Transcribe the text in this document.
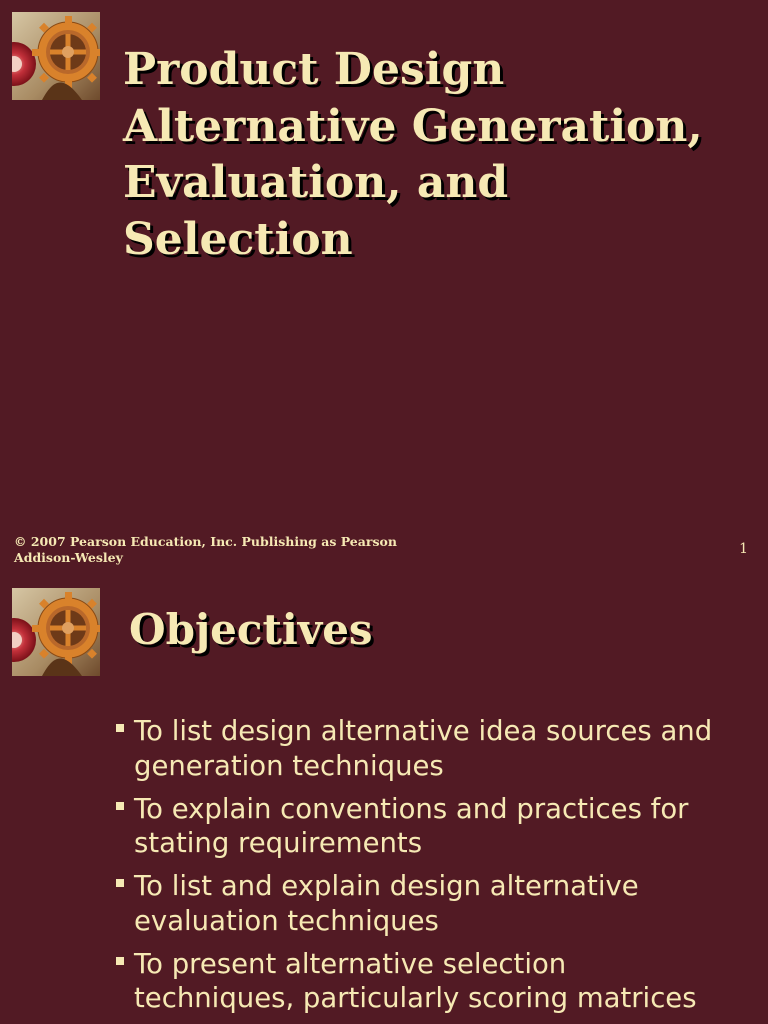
Product Design Alternative Generation, Evaluation, and Selection

© 2007 Pearson Education, Inc. Publishing as Pearson Addison-Wesley	1
Objectives
To list design alternative idea sources and generation techniques
To explain conventions and practices for stating requirements
To list and explain design alternative evaluation techniques
To present alternative selection techniques, particularly scoring matrices
